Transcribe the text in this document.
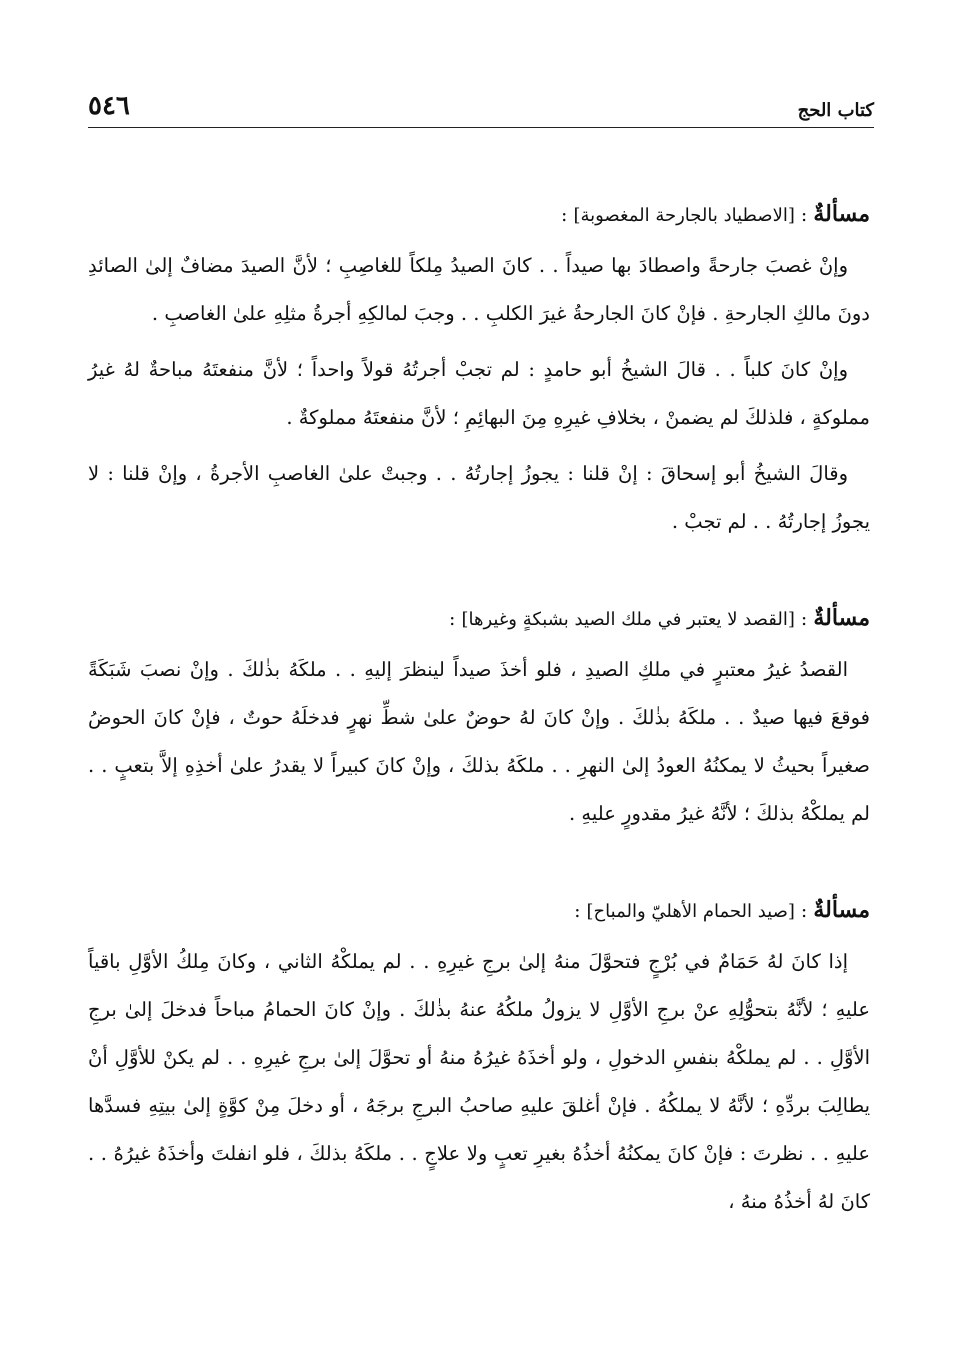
كتاب الحج
٥٤٦
مسألةٌ : [الاصطياد بالجارحة المغصوبة] :

وإنْ غصبَ جارحةً واصطادَ بها صيداً . . كانَ الصيدُ مِلكاً للغاصِبِ ؛ لأنَّ الصيدَ مضافٌ إلىٰ الصائدِ دونَ مالكِ الجارحةِ . فإنْ كانَ الجارحةُ غيرَ الكلبِ . . وجبَ لمالكِهِ أجرةُ مثلِهِ علىٰ الغاصبِ .

وإنْ كانَ كلباً . . قالَ الشيخُ أبو حامدٍ : لم تجبْ أجرتُهُ قولاً واحداً ؛ لأنَّ منفعتَهُ مباحةٌ لهُ غيرُ مملوكةٍ ، فلذلكَ لم يضمنْ ، بخلافِ غيرِهِ مِنَ البهائِمِ ؛ لأنَّ منفعتَهُ مملوكةٌ .

وقالَ الشيخُ أبو إسحاقَ : إنْ قلنا : يجوزُ إجارتُهُ . . وجبتْ علىٰ الغاصبِ الأجرةُ ، وإنْ قلنا : لا يجوزُ إجارتُهُ . . لم تجبْ .

مسألةٌ : [القصد لا يعتبر في ملك الصيد بشبكةٍ وغيرها] :

القصدُ غيرُ معتبرٍ في ملكِ الصيدِ ، فلو أخذَ صيداً لينظرَ إليهِ . . ملكَهُ بذٰلكَ . وإنْ نصبَ شَبَكَةً فوقعَ فيها صيدٌ . . ملكَهُ بذٰلكَ . وإنْ كانَ لهُ حوضٌ علىٰ شطِّ نهرٍ فدخلَهُ حوتٌ ، فإنْ كانَ الحوضُ صغيراً بحيثُ لا يمكنُهُ العودُ إلىٰ النهرِ . . ملكَهُ بذلكَ ، وإنْ كانَ كبيراً لا يقدرُ علىٰ أخذِهِ إلاَّ بتعبٍ . . لم يملكْهُ بذلكَ ؛ لأنَّهُ غيرُ مقدورٍ عليهِ .

مسألةٌ : [صيد الحمام الأهليّ والمباح] :

إذا كانَ لهُ حَمَامٌ في بُرْجٍ فتحوَّلَ منهُ إلىٰ برجِ غيرِهِ . . لم يملكْهُ الثاني ، وكانَ مِلكُ الأوَّلِ باقياً عليهِ ؛ لأنَّهُ بتحوُّلِهِ عنْ برجِ الأوَّلِ لا يزولُ ملكُهُ عنهُ بذٰلكَ . وإنْ كانَ الحمامُ مباحاً فدخلَ إلىٰ برجِ الأوَّلِ . . لم يملكْهُ بنفسِ الدخولِ ، ولو أخذَهُ غيرُهُ منهُ أو تحوَّلَ إلىٰ برجِ غيرِهِ . . لم يكنْ للأوَّلِ أنْ يطالِبَ بردِّهِ ؛ لأنَّهُ لا يملكُهُ . فإنْ أغلقَ عليهِ صاحبُ البرجِ برجَهُ ، أو دخلَ مِنْ كوَّةٍ إلىٰ بيتِهِ فسدَّها عليهِ . . نظرتَ : فإنْ كانَ يمكنُهُ أخذُهُ بغيرِ تعبٍ ولا علاجٍ . . ملكَهُ بذلكَ ، فلو انفلتَ وأخذَهُ غيرُهُ . . كانَ لهُ أخذُهُ منهُ ،
